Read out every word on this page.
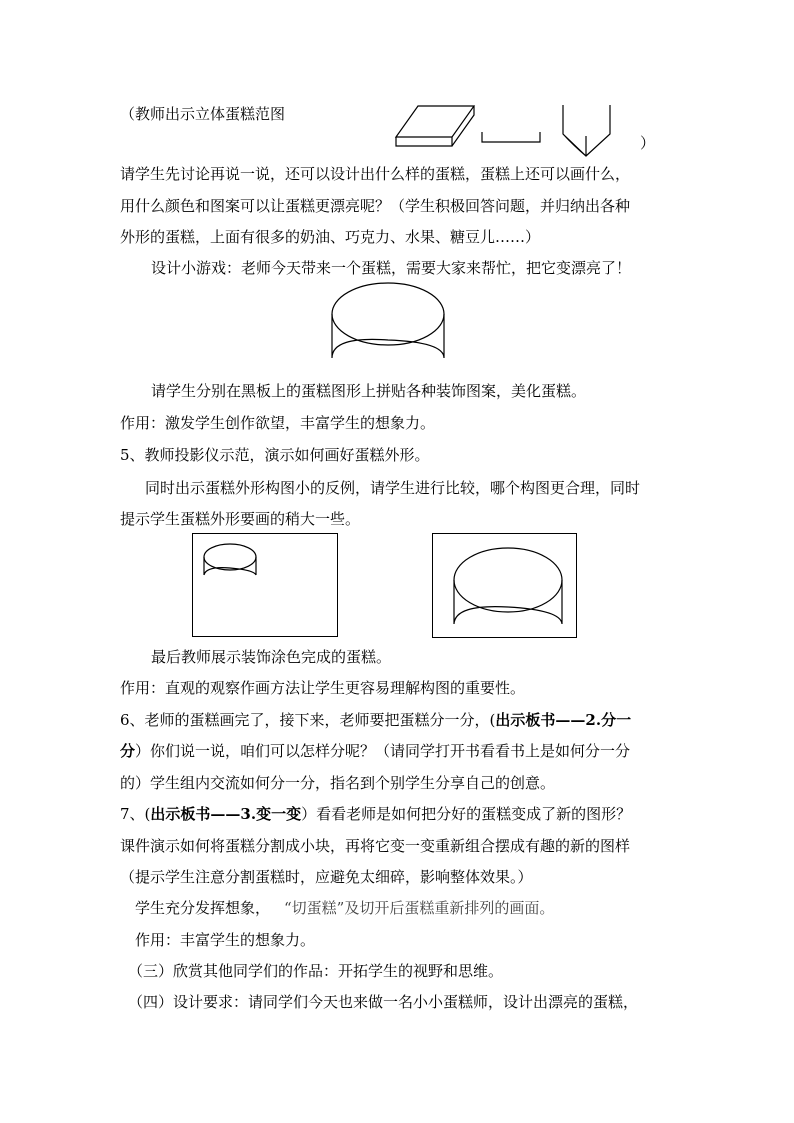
（教师出示立体蛋糕范图
）
请学生先讨论再说一说，还可以设计出什么样的蛋糕，蛋糕上还可以画什么，
用什么颜色和图案可以让蛋糕更漂亮呢？（学生积极回答问题，并归纳出各种
外形的蛋糕，上面有很多的奶油、巧克力、水果、糖豆儿……）
设计小游戏：老师今天带来一个蛋糕，需要大家来帮忙，把它变漂亮了！
请学生分别在黑板上的蛋糕图形上拼贴各种装饰图案，美化蛋糕。
作用：激发学生创作欲望，丰富学生的想象力。
5、教师投影仪示范，演示如何画好蛋糕外形。
同时出示蛋糕外形构图小的反例，请学生进行比较，哪个构图更合理，同时
提示学生蛋糕外形要画的稍大一些。
最后教师展示装饰涂色完成的蛋糕。
作用：直观的观察作画方法让学生更容易理解构图的重要性。
6、老师的蛋糕画完了，接下来，老师要把蛋糕分一分，(出示板书——2.分一
分）你们说一说，咱们可以怎样分呢？（请同学打开书看看书上是如何分一分
的）学生组内交流如何分一分，指名到个别学生分享自己的创意。
7、(出示板书——3.变一变）看看老师是如何把分好的蛋糕变成了新的图形？
课件演示如何将蛋糕分割成小块，再将它变一变重新组合摆成有趣的新的图样
（提示学生注意分割蛋糕时，应避免太细碎，影响整体效果。）
学生充分发挥想象， “切蛋糕”及切开后蛋糕重新排列的画面。
作用：丰富学生的想象力。
（三）欣赏其他同学们的作品：开拓学生的视野和思维。
（四）设计要求：请同学们今天也来做一名小小蛋糕师，设计出漂亮的蛋糕，
